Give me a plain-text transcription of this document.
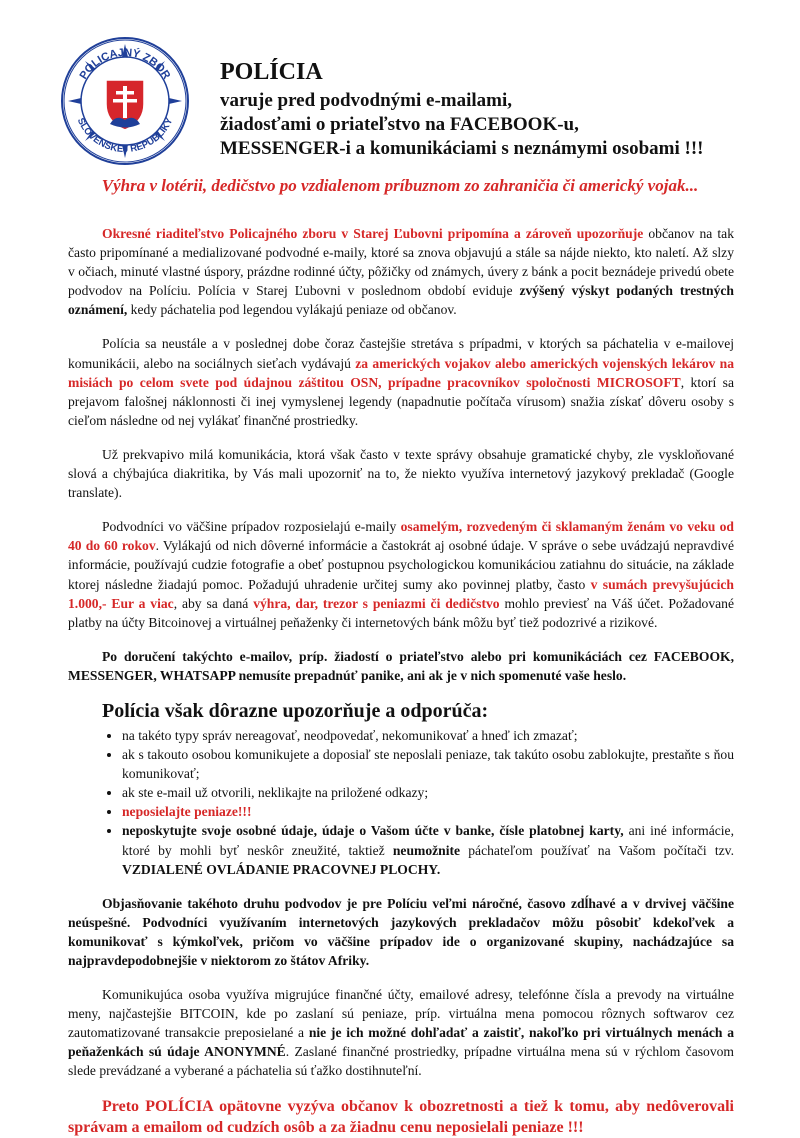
POLICAJNÝ ZBOR
SLOVENSKEJ REPUBLIKY
POLÍCIA
varuje pred podvodnými e-mailami,
žiadosťami o priateľstvo na FACEBOOK-u,
MESSENGER-i a komunikáciami s neznámymi osobami !!!
Výhra v lotérii, dedičstvo po vzdialenom príbuznom zo zahraničia či americký vojak...

Okresné riaditeľstvo Policajného zboru v Starej Ľubovni pripomína a zároveň upozorňuje občanov na tak často pripomínané a medializované podvodné e-maily, ktoré sa znova objavujú a stále sa nájde niekto, kto naletí. Až slzy v očiach, minuté vlastné úspory, prázdne rodinné účty, pôžičky od známych, úvery z bánk a pocit beznádeje privedú obete podvodov na Políciu. Polícia v Starej Ľubovni v poslednom období eviduje zvýšený výskyt podaných trestných oznámení, kedy páchatelia pod legendou vylákajú peniaze od občanov.

Polícia sa neustále a v poslednej dobe čoraz častejšie stretáva s prípadmi, v ktorých sa páchatelia v e-mailovej komunikácii, alebo na sociálnych sieťach vydávajú za amerických vojakov alebo amerických vojenských lekárov na misiách po celom svete pod údajnou záštitou OSN, prípadne pracovníkov spoločnosti MICROSOFT, ktorí sa prejavom falošnej náklonnosti či inej vymyslenej legendy (napadnutie počítača vírusom) snažia získať dôveru osoby s cieľom následne od nej vylákať finančné prostriedky.

Už prekvapivo milá komunikácia, ktorá však často v texte správy obsahuje gramatické chyby, zle vyskloňované slová a chýbajúca diakritika, by Vás mali upozorniť na to, že niekto využíva internetový jazykový prekladač (Google translate).

Podvodníci vo väčšine prípadov rozposielajú e-maily osamelým, rozvedeným či sklamaným ženám vo veku od 40 do 60 rokov. Vylákajú od nich dôverné informácie a častokrát aj osobné údaje. V správe o sebe uvádzajú nepravdivé informácie, používajú cudzie fotografie a obeť postupnou psychologickou komunikáciou zatiahnu do situácie, na základe ktorej následne žiadajú pomoc. Požadujú uhradenie určitej sumy ako povinnej platby, často v sumách prevyšujúcich 1.000,- Eur a viac, aby sa daná výhra, dar, trezor s peniazmi či dedičstvo mohlo previesť na Váš účet. Požadované platby na účty Bitcoinovej a virtuálnej peňaženky či internetových bánk môžu byť tiež podozrivé a rizikové.

Po doručení takýchto e-mailov, príp. žiadostí o priateľstvo alebo pri komunikáciách cez FACEBOOK, MESSENGER, WHATSAPP nemusíte prepadnúť panike, ani ak je v nich spomenuté vaše heslo.

Polícia však dôrazne upozorňuje a odporúča:
• na takéto typy správ nereagovať, neodpovedať, nekomunikovať a hneď ich zmazať;
• ak s takouto osobou komunikujete a doposiaľ ste neposlali peniaze, tak takúto osobu zablokujte, prestaňte s ňou komunikovať;
• ak ste e-mail už otvorili, neklikajte na priložené odkazy;
• neposielajte peniaze!!!
• neposkytujte svoje osobné údaje, údaje o Vašom účte v banke, čísle platobnej karty, ani iné informácie, ktoré by mohli byť neskôr zneužité, taktiež neumožnite páchateľom používať na Vašom počítači tzv. VZDIALENÉ OVLÁDANIE PRACOVNEJ PLOCHY.

Objasňovanie takéhoto druhu podvodov je pre Políciu veľmi náročné, časovo zdĺhavé a v drvivej väčšine neúspešné. Podvodníci využívaním internetových jazykových prekladačov môžu pôsobiť kdekoľvek a komunikovať s kýmkoľvek, pričom vo väčšine prípadov ide o organizované skupiny, nachádzajúce sa najpravdepodobnejšie v niektorom zo štátov Afriky.

Komunikujúca osoba využíva migrujúce finančné účty, emailové adresy, telefónne čísla a prevody na virtuálne meny, najčastejšie BITCOIN, kde po zaslaní sú peniaze, príp. virtuálna mena pomocou rôznych softwarov cez zautomatizované transakcie preposielané a nie je ich možné dohľadať a zaistiť, nakoľko pri virtuálnych menách a peňaženkách sú údaje ANONYMNÉ. Zaslané finančné prostriedky, prípadne virtuálna mena sú v rýchlom časovom slede prevádzané a vyberané a páchatelia sú ťažko dostihnuteľní.

Preto POLÍCIA opätovne vyzýva občanov k obozretnosti a tiež k tomu, aby nedôverovali správam a emailom od cudzích osôb a za žiadnu cenu neposielali peniaze !!!
